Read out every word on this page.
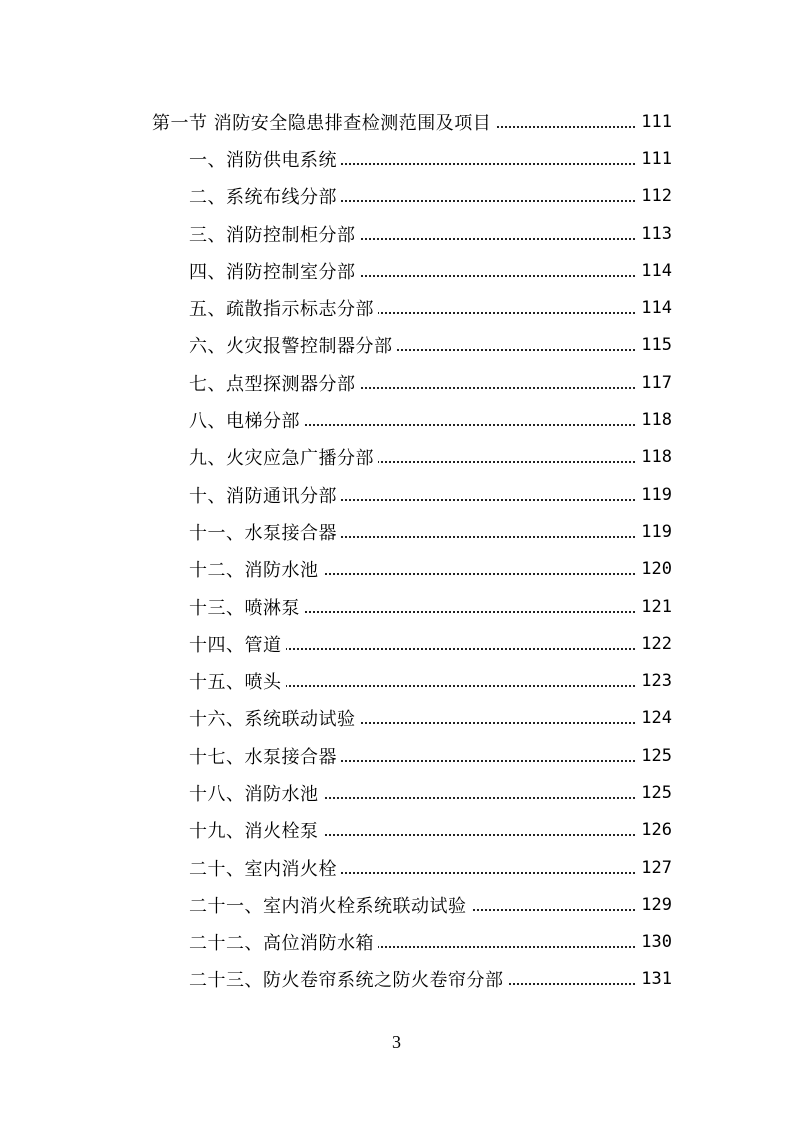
第一节 消防安全隐患排查检测范围及项目	111
一、消防供电系统	111
二、系统布线分部	112
三、消防控制柜分部	113
四、消防控制室分部	114
五、疏散指示标志分部	114
六、火灾报警控制器分部	115
七、点型探测器分部	117
八、电梯分部	118
九、火灾应急广播分部	118
十、消防通讯分部	119
十一、水泵接合器	119
十二、消防水池	120
十三、喷淋泵	121
十四、管道	122
十五、喷头	123
十六、系统联动试验	124
十七、水泵接合器	125
十八、消防水池	125
十九、消火栓泵	126
二十、室内消火栓	127
二十一、室内消火栓系统联动试验	129
二十二、高位消防水箱	130
二十三、防火卷帘系统之防火卷帘分部	131
3
